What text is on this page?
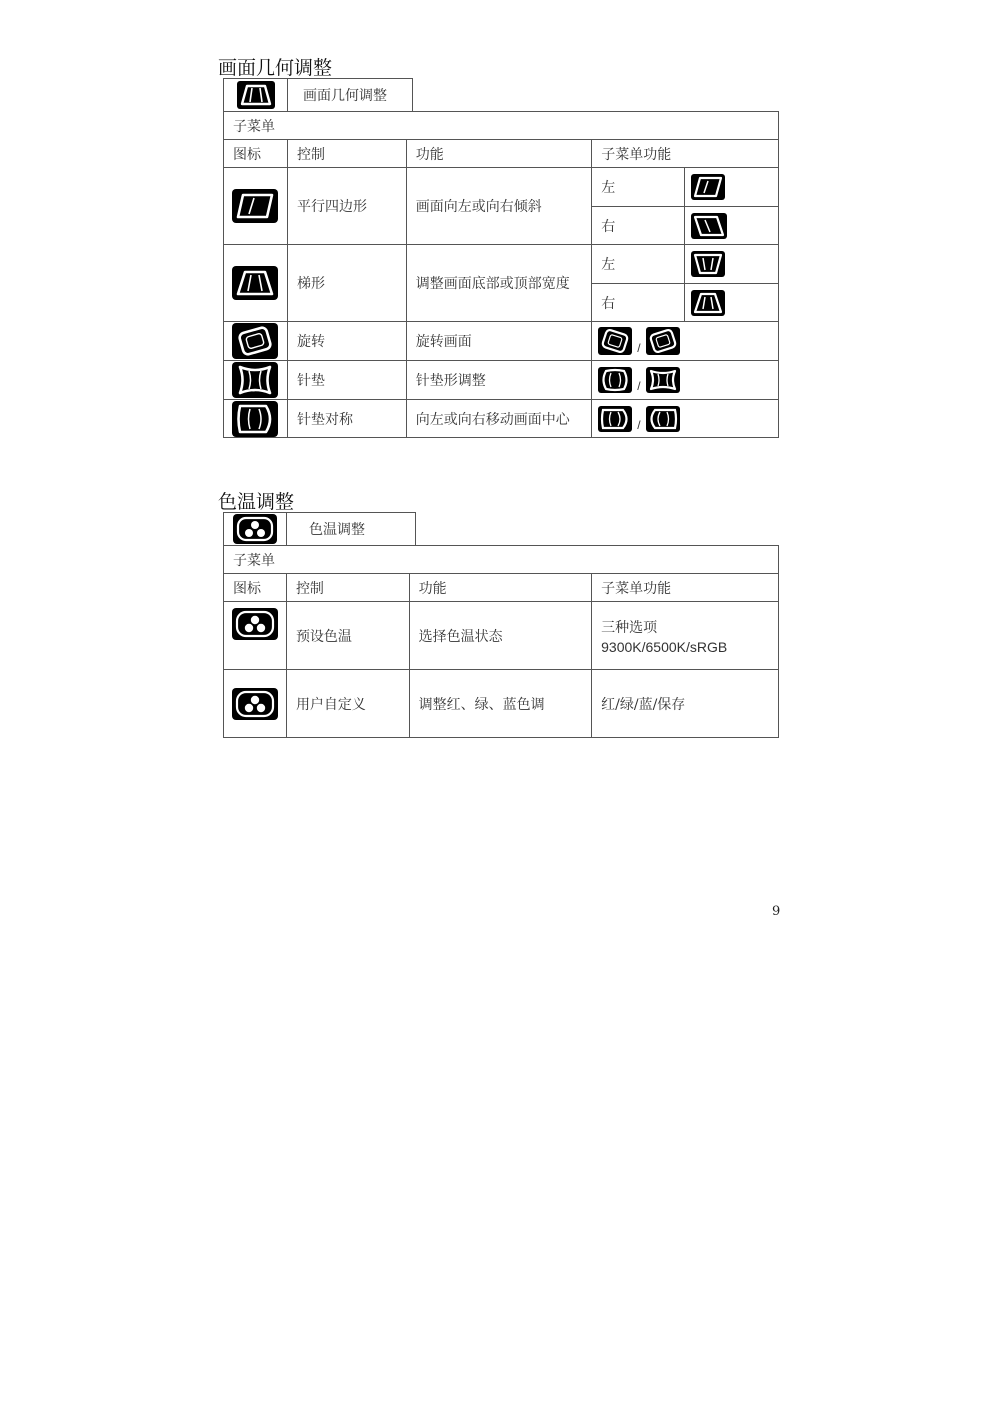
画面几何调整
	画面几何调整
子菜单				
图标	控制	功能	子菜单功能	
	平行四边形	画面向左或向右倾斜	左	
			右	
	梯形	调整画面底部或顶部宽度	左	
			右	
	旋转	旋转画面	/	
	针垫	针垫形调整	/	
	针垫对称	向左或向右移动画面中心	/	
色温调整
	色温调整
子菜单			
图标	控制	功能	子菜单功能
	预设色温	选择色温状态	三种选项
9300K/6500K/sRGB

	用户自定义	调整红、绿、蓝色调	红/绿/蓝/保存
9
